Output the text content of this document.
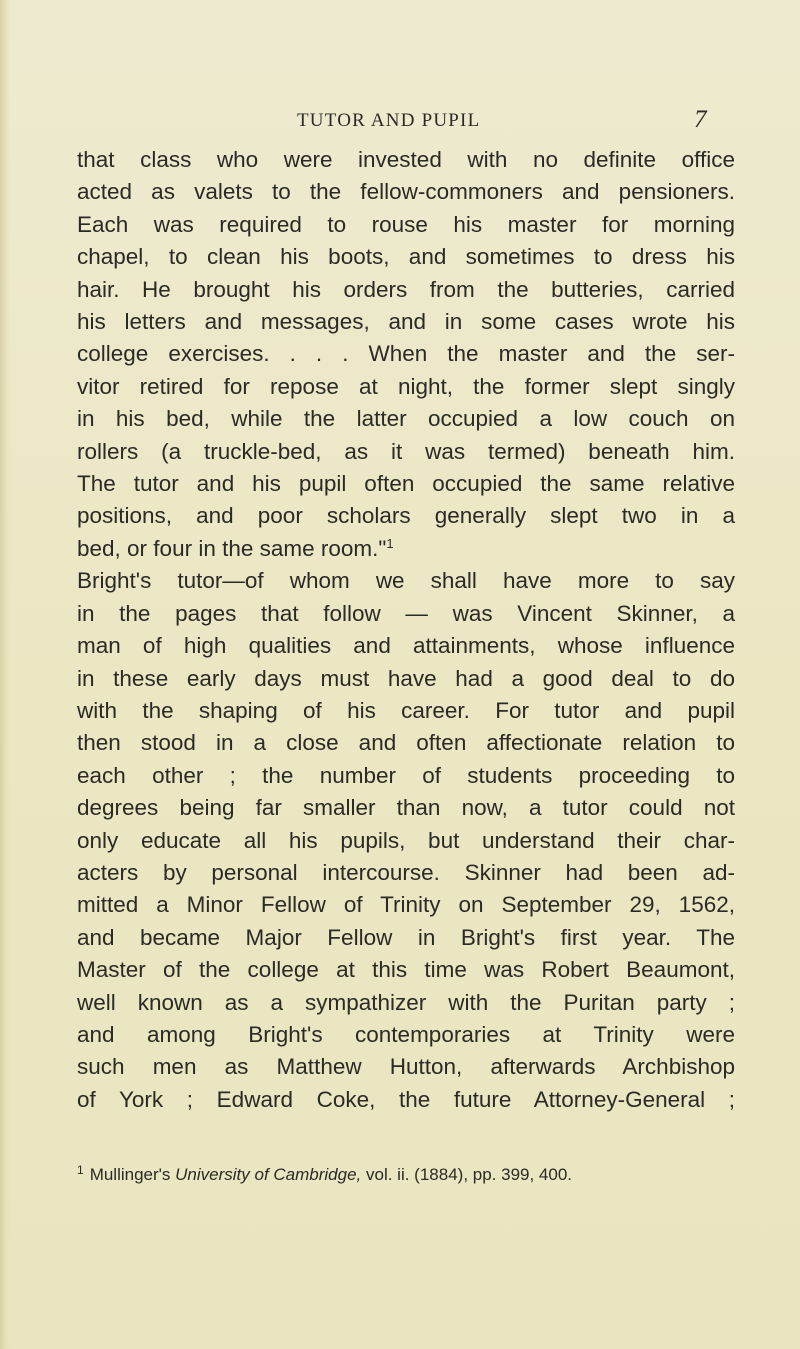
TUTOR AND PUPIL	7
that class who were invested with no definite office
acted as valets to the fellow-commoners and pensioners.
Each was required to rouse his master for morning
chapel, to clean his boots, and sometimes to dress his
hair. He brought his orders from the butteries, carried
his letters and messages, and in some cases wrote his
college exercises. . . . When the master and the ser-
vitor retired for repose at night, the former slept singly
in his bed, while the latter occupied a low couch on
rollers (a truckle-bed, as it was termed) beneath him.
The tutor and his pupil often occupied the same relative
positions, and poor scholars generally slept two in a
bed, or four in the same room."$^1$
Bright's tutor—of whom we shall have more to say
in the pages that follow — was Vincent Skinner, a
man of high qualities and attainments, whose influence
in these early days must have had a good deal to do
with the shaping of his career. For tutor and pupil
then stood in a close and often affectionate relation to
each other ; the number of students proceeding to
degrees being far smaller than now, a tutor could not
only educate all his pupils, but understand their char-
acters by personal intercourse. Skinner had been ad-
mitted a Minor Fellow of Trinity on September 29, 1562,
and became Major Fellow in Bright's first year. The
Master of the college at this time was Robert Beaumont,
well known as a sympathizer with the Puritan party ;
and among Bright's contemporaries at Trinity were
such men as Matthew Hutton, afterwards Archbishop
of York ; Edward Coke, the future Attorney-General ;
$^1$ Mullinger's University of Cambridge, vol. ii. (1884), pp. 399, 400.
